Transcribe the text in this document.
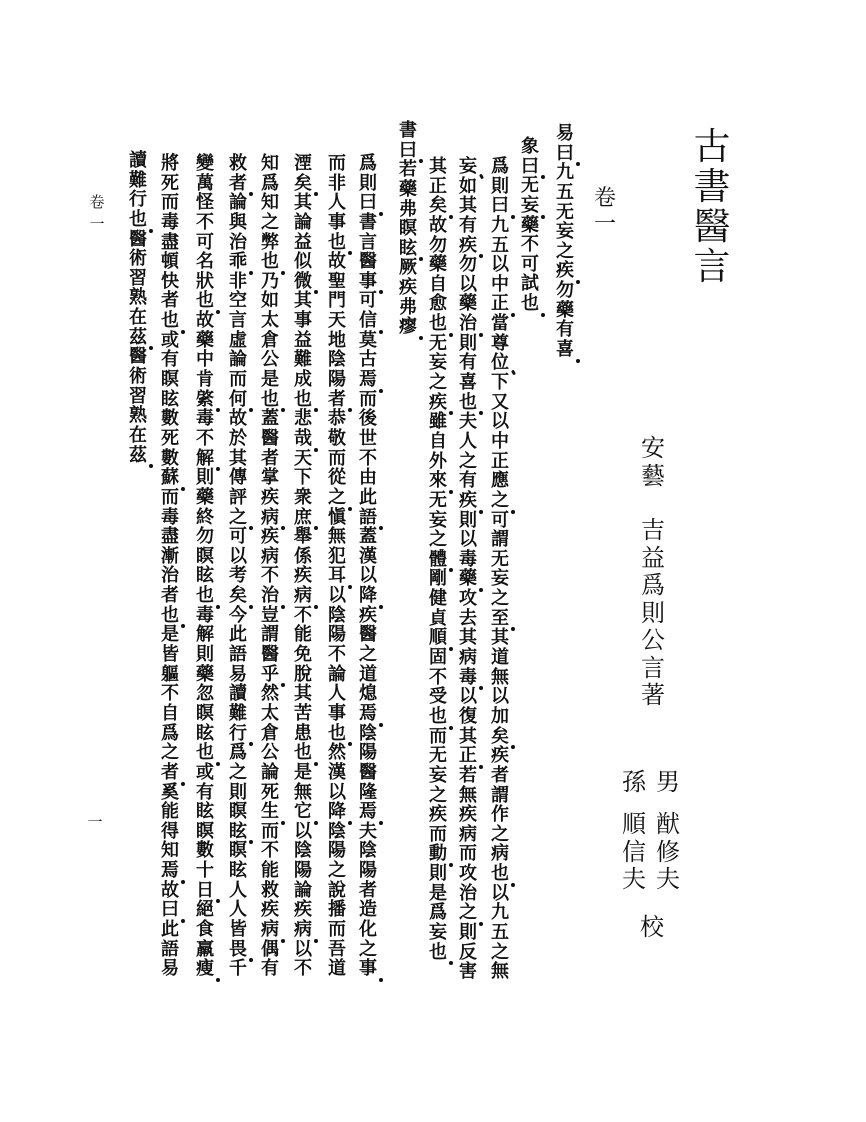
古
書
醫
言
卷
一
安
藝
吉
益
爲
則
公
言
著
男
猷
修
夫
孫
順
信
夫
校
易
曰
九
五
无
妄
之
疾
勿
藥
有
喜
象
曰
无
妄
藥
不
可
試
也
爲
則
曰
九
五
以
中
正
當
尊
位
下
又
以
中
正
應
之
可
謂
无
妄
之
至
其
道
無
以
加
矣
疾
者
謂
作
之
病
也
以
九
五
之
無
妄
如
其
有
疾
勿
以
藥
治
則
有
喜
也
夫
人
之
有
疾
則
以
毒
藥
攻
去
其
病
毒
以
復
其
正
若
無
疾
病
而
攻
治
之
則
反
害
其
正
矣
故
勿
藥
自
愈
也
无
妄
之
疾
雖
自
外
來
无
妄
之
體
剛
健
貞
順
固
不
受
也
而
无
妄
之
疾
而
動
則
是
爲
妄
也
書
曰
若
藥
弗
瞑
眩
厥
疾
弗
瘳
爲
則
曰
書
言
醫
事
可
信
莫
古
焉
而
後
世
不
由
此
語
蓋
漢
以
降
疾
醫
之
道
熄
焉
陰
陽
醫
隆
焉
夫
陰
陽
者
造
化
之
事
而
非
人
事
也
故
聖
門
天
地
陰
陽
者
恭
敬
而
從
之
愼
無
犯
耳
以
陰
陽
不
論
人
事
也
然
漢
以
降
陰
陽
之
說
播
而
吾
道
湮
矣
其
論
益
似
微
其
事
益
難
成
也
悲
哉
天
下
衆
庶
舉
係
疾
病
不
能
免
脫
其
苦
患
也
是
無
它
以
陰
陽
論
疾
病
以
不
知
爲
知
之
弊
也
乃
如
太
倉
公
是
也
蓋
醫
者
掌
疾
病
疾
病
不
治
豈
謂
醫
乎
然
太
倉
公
論
死
生
而
不
能
救
疾
病
偶
有
救
者
論
與
治
乖
非
空
言
虛
論
而
何
故
於
其
傳
評
之
可
以
考
矣
今
此
語
易
讀
難
行
爲
之
則
瞑
眩
瞑
眩
人
人
皆
畏
千
變
萬
怪
不
可
名
狀
也
故
藥
中
肯
綮
毒
不
解
則
藥
終
勿
瞑
眩
也
毒
解
則
藥
忽
瞑
眩
也
或
有
眩
瞑
數
十
日
絕
食
羸
瘦
將
死
而
毒
盡
頓
快
者
也
或
有
瞑
眩
數
死
數
蘇
而
毒
盡
漸
治
者
也
是
皆
軀
不
自
爲
之
者
奚
能
得
知
焉
故
曰
此
語
易
讀
難
行
也
醫
術
習
熟
在
茲
醫
術
習
熟
在
茲
卷
一
一
